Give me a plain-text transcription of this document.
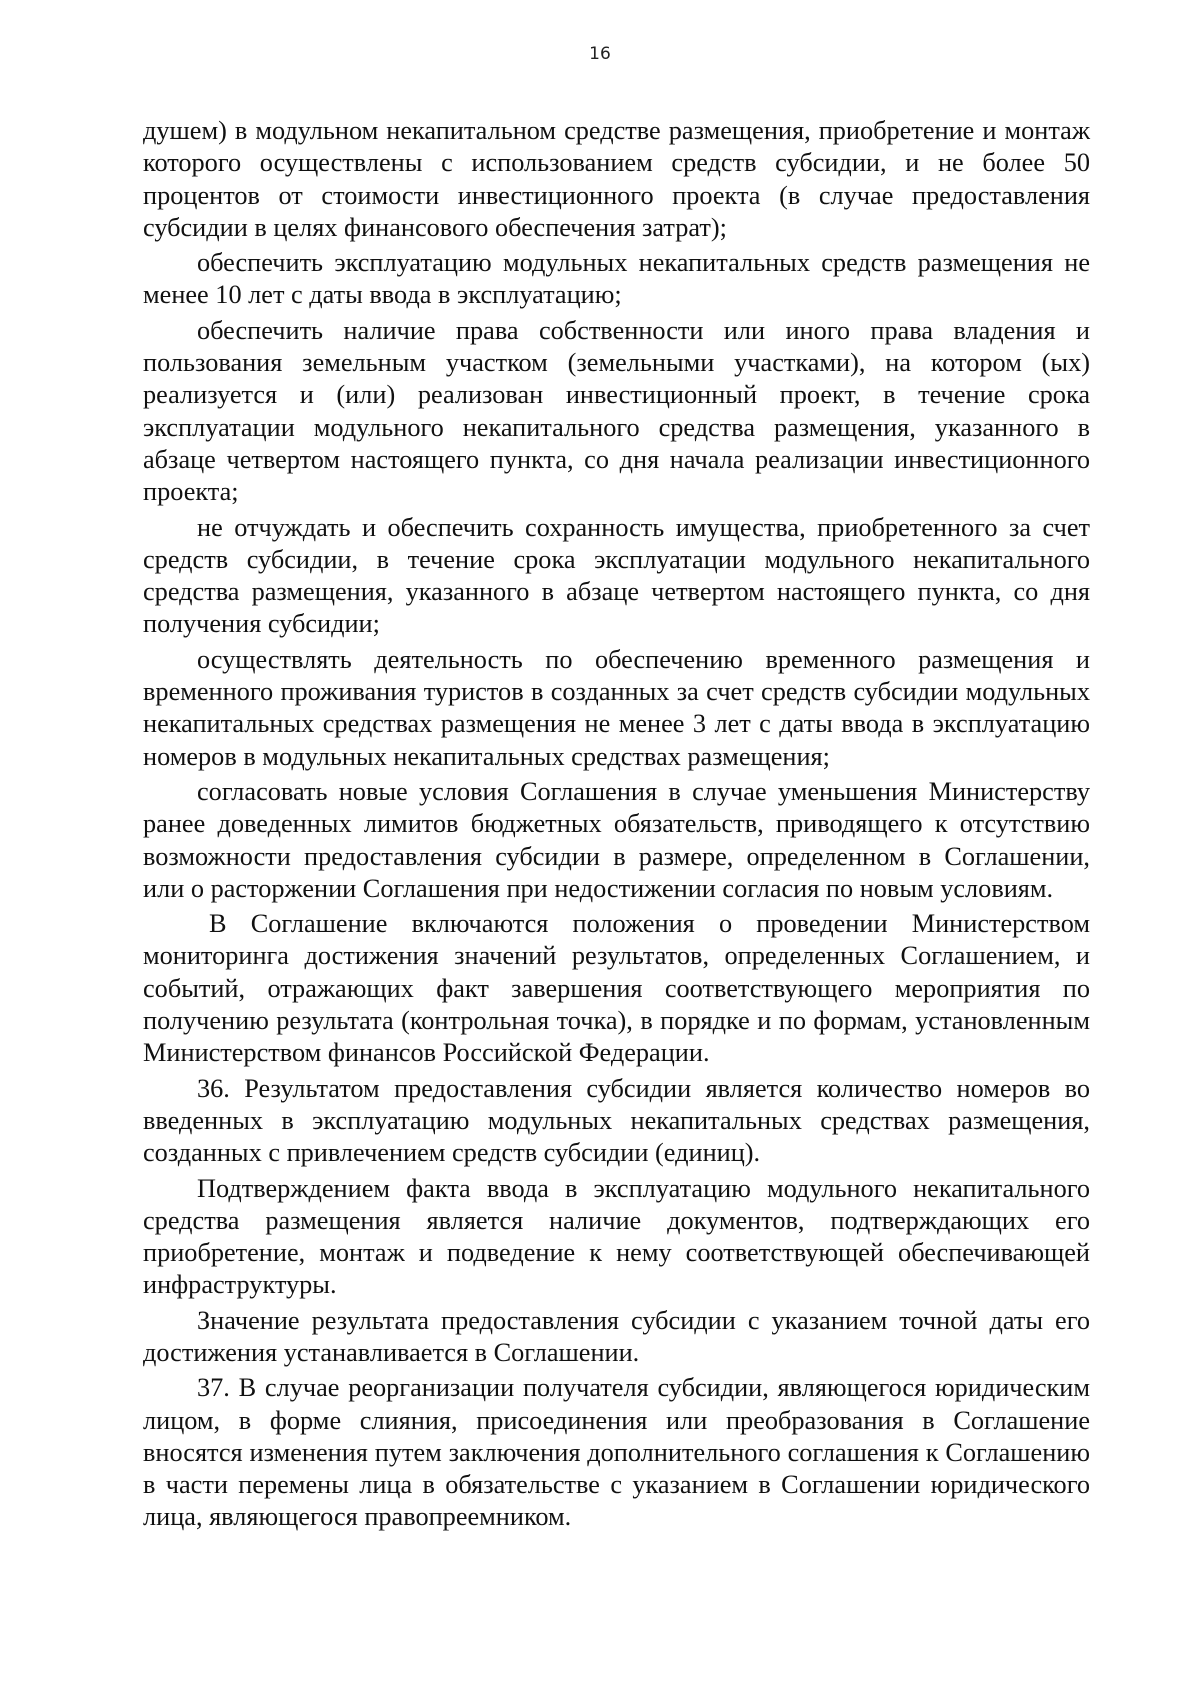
16

душем) в модульном некапитальном средстве размещения, приобретение и монтаж которого осуществлены с использованием средств субсидии, и не более 50 процентов от стоимости инвестиционного проекта (в случае предоставления субсидии в целях финансового обеспечения затрат);

обеспечить эксплуатацию модульных некапитальных средств размещения не менее 10 лет с даты ввода в эксплуатацию;

обеспечить наличие права собственности или иного права владения и пользования земельным участком (земельными участками), на котором (ых) реализуется и (или) реализован инвестиционный проект, в течение срока эксплуатации модульного некапитального средства размещения, указанного в абзаце четвертом настоящего пункта, со дня начала реализации инвестиционного проекта;

не отчуждать и обеспечить сохранность имущества, приобретенного за счет средств субсидии, в течение срока эксплуатации модульного некапитального средства размещения, указанного в абзаце четвертом настоящего пункта, со дня получения субсидии;

осуществлять деятельность по обеспечению временного размещения и временного проживания туристов в созданных за счет средств субсидии модульных некапитальных средствах размещения не менее 3 лет с даты ввода в эксплуатацию номеров в модульных некапитальных средствах размещения;

согласовать новые условия Соглашения в случае уменьшения Министерству ранее доведенных лимитов бюджетных обязательств, приводящего к отсутствию возможности предоставления субсидии в размере, определенном в Соглашении, или о расторжении Соглашения при недостижении согласия по новым условиям.

В Соглашение включаются положения о проведении Министерством мониторинга достижения значений результатов, определенных Соглашением, и событий, отражающих факт завершения соответствующего мероприятия по получению результата (контрольная точка), в порядке и по формам, установленным Министерством финансов Российской Федерации.

36. Результатом предоставления субсидии является количество номеров во введенных в эксплуатацию модульных некапитальных средствах размещения, созданных с привлечением средств субсидии (единиц).

Подтверждением факта ввода в эксплуатацию модульного некапитального средства размещения является наличие документов, подтверждающих его приобретение, монтаж и подведение к нему соответствующей обеспечивающей инфраструктуры.

Значение результата предоставления субсидии с указанием точной даты его достижения устанавливается в Соглашении.

37. В случае реорганизации получателя субсидии, являющегося юридическим лицом, в форме слияния, присоединения или преобразования в Соглашение вносятся изменения путем заключения дополнительного соглашения к Соглашению в части перемены лица в обязательстве с указанием в Соглашении юридического лица, являющегося правопреемником.
